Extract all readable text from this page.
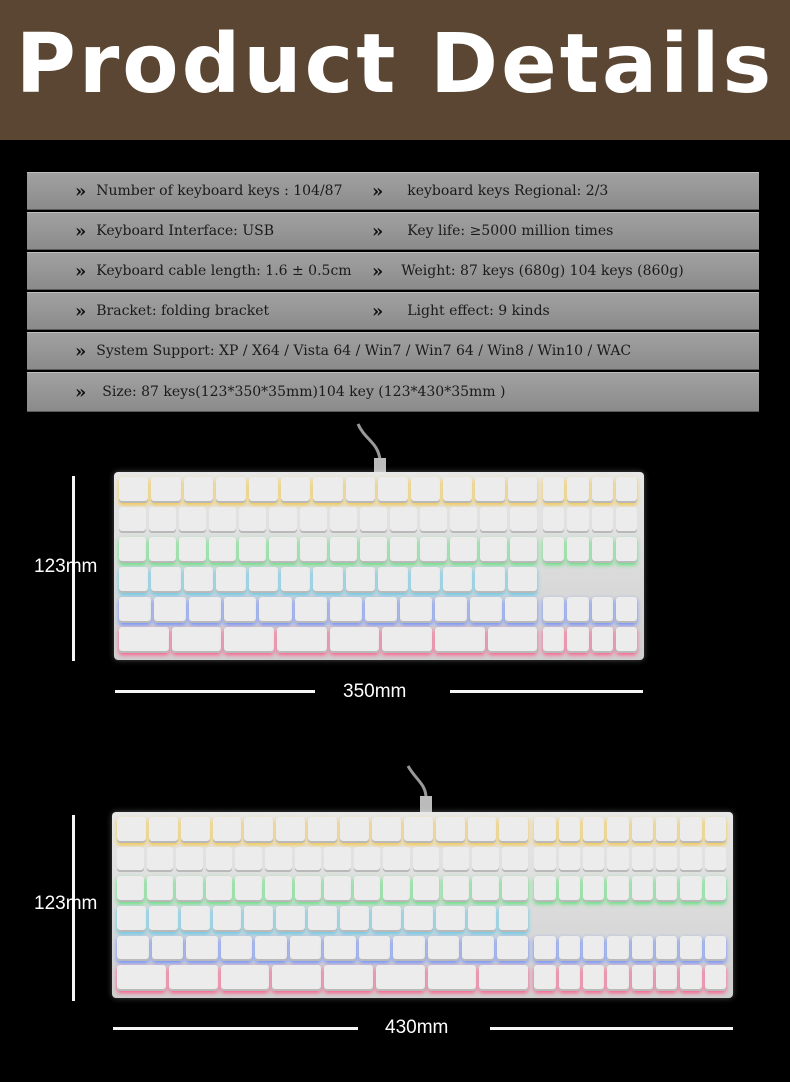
Product Details
» Number of keyboard keys : 104/87 » keyboard keys Regional: 2/3
» Keyboard Interface: USB	» Key life: ≥5000 million times
» Keyboard cable length: 1.6 ± 0.5cm » Weight: 87 keys (680g) 104 keys (860g)
» Bracket: folding bracket	» Light effect: 9 kinds
» System Support: XP / X64 / Vista 64 / Win7 / Win7 64 / Win8 / Win10 / WAC
» Size: 87 keys(123*350*35mm)104 key (123*430*35mm )
123mm
350mm
123mm
430mm
